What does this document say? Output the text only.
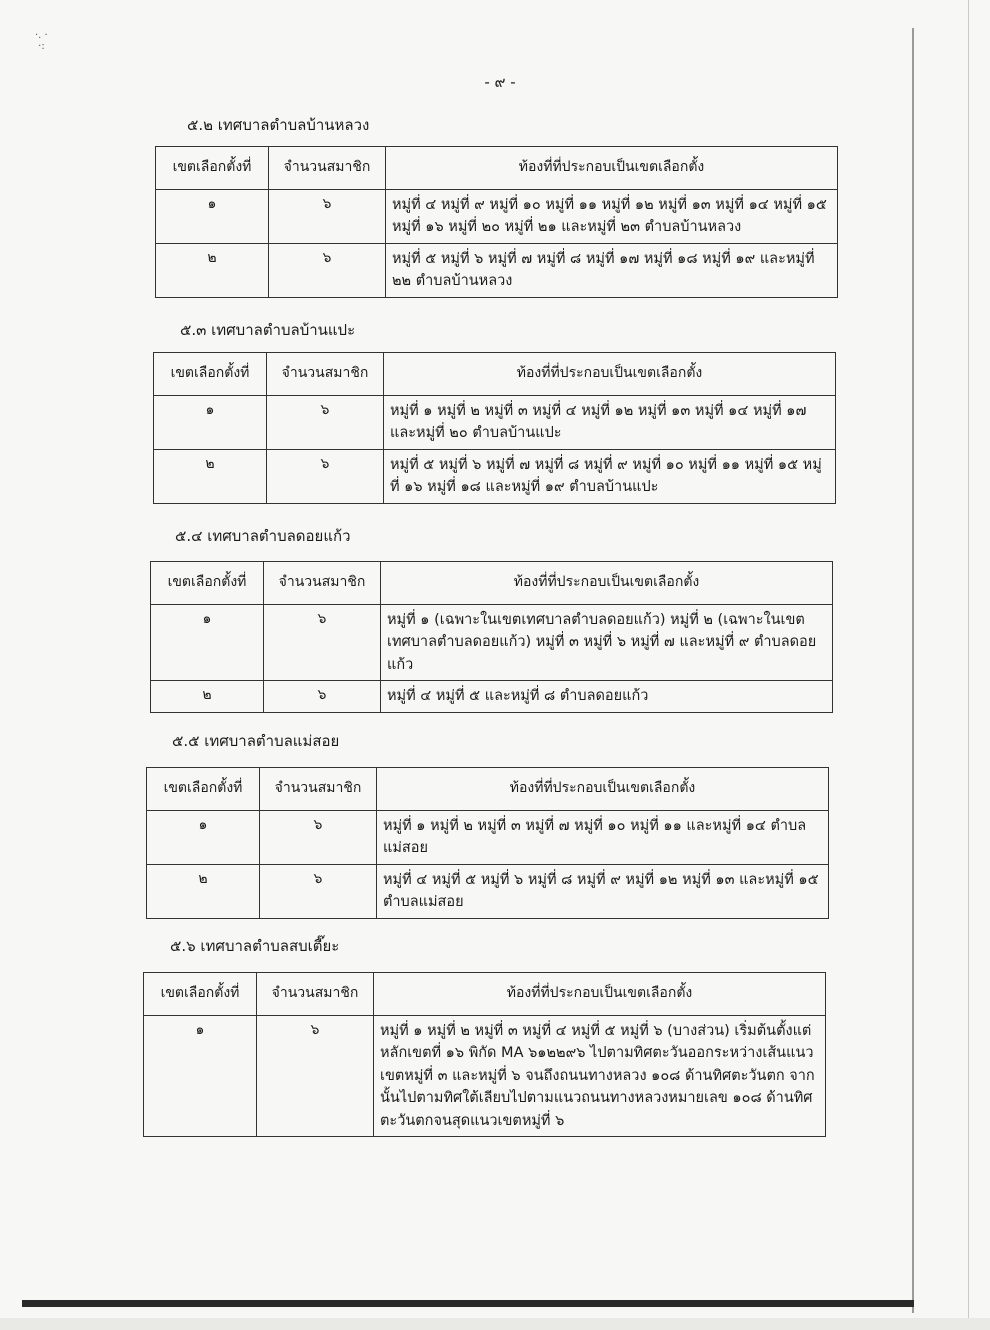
·. ·
·:
- ๙ -
๕.๒ เทศบาลตำบลบ้านหลวง
เขตเลือกตั้งที่	จำนวนสมาชิก	ท้องที่ที่ประกอบเป็นเขตเลือกตั้ง
๑	๖	หมู่ที่ ๔ หมู่ที่ ๙ หมู่ที่ ๑๐ หมู่ที่ ๑๑ หมู่ที่ ๑๒ หมู่ที่ ๑๓ หมู่ที่ ๑๔ หมู่ที่ ๑๕ หมู่ที่ ๑๖ หมู่ที่ ๒๐ หมู่ที่ ๒๑ และหมู่ที่ ๒๓ ตำบลบ้านหลวง
๒	๖	หมู่ที่ ๕ หมู่ที่ ๖ หมู่ที่ ๗ หมู่ที่ ๘ หมู่ที่ ๑๗ หมู่ที่ ๑๘ หมู่ที่ ๑๙ และหมู่ที่ ๒๒ ตำบลบ้านหลวง
๕.๓ เทศบาลตำบลบ้านแปะ
เขตเลือกตั้งที่	จำนวนสมาชิก	ท้องที่ที่ประกอบเป็นเขตเลือกตั้ง
๑	๖	หมู่ที่ ๑ หมู่ที่ ๒ หมู่ที่ ๓ หมู่ที่ ๔ หมู่ที่ ๑๒ หมู่ที่ ๑๓ หมู่ที่ ๑๔ หมู่ที่ ๑๗ และหมู่ที่ ๒๐ ตำบลบ้านแปะ
๒	๖	หมู่ที่ ๕ หมู่ที่ ๖ หมู่ที่ ๗ หมู่ที่ ๘ หมู่ที่ ๙ หมู่ที่ ๑๐ หมู่ที่ ๑๑ หมู่ที่ ๑๕ หมู่ที่ ๑๖ หมู่ที่ ๑๘ และหมู่ที่ ๑๙ ตำบลบ้านแปะ
๕.๔ เทศบาลตำบลดอยแก้ว
เขตเลือกตั้งที่	จำนวนสมาชิก	ท้องที่ที่ประกอบเป็นเขตเลือกตั้ง
๑	๖	หมู่ที่ ๑ (เฉพาะในเขตเทศบาลตำบลดอยแก้ว) หมู่ที่ ๒ (เฉพาะในเขตเทศบาลตำบลดอยแก้ว) หมู่ที่ ๓ หมู่ที่ ๖ หมู่ที่ ๗ และหมู่ที่ ๙ ตำบลดอยแก้ว
๒	๖	หมู่ที่ ๔ หมู่ที่ ๕ และหมู่ที่ ๘ ตำบลดอยแก้ว
๕.๕ เทศบาลตำบลแม่สอย
เขตเลือกตั้งที่	จำนวนสมาชิก	ท้องที่ที่ประกอบเป็นเขตเลือกตั้ง
๑	๖	หมู่ที่ ๑ หมู่ที่ ๒ หมู่ที่ ๓ หมู่ที่ ๗ หมู่ที่ ๑๐ หมู่ที่ ๑๑ และหมู่ที่ ๑๔ ตำบลแม่สอย
๒	๖	หมู่ที่ ๔ หมู่ที่ ๕ หมู่ที่ ๖ หมู่ที่ ๘ หมู่ที่ ๙ หมู่ที่ ๑๒ หมู่ที่ ๑๓ และหมู่ที่ ๑๕ ตำบลแม่สอย
๕.๖ เทศบาลตำบลสบเตี๊ยะ
เขตเลือกตั้งที่	จำนวนสมาชิก	ท้องที่ที่ประกอบเป็นเขตเลือกตั้ง
๑	๖	หมู่ที่ ๑ หมู่ที่ ๒ หมู่ที่ ๓ หมู่ที่ ๔ หมู่ที่ ๕ หมู่ที่ ๖ (บางส่วน) เริ่มต้นตั้งแต่หลักเขตที่ ๑๖ พิกัด MA ๖๑๒๒๙๖ ไปตามทิศตะวันออกระหว่างเส้นแนวเขตหมู่ที่ ๓ และหมู่ที่ ๖ จนถึงถนนทางหลวง ๑๐๘ ด้านทิศตะวันตก จากนั้นไปตามทิศใต้เลียบไปตามแนวถนนทางหลวงหมายเลข ๑๐๘ ด้านทิศตะวันตกจนสุดแนวเขตหมู่ที่ ๖
